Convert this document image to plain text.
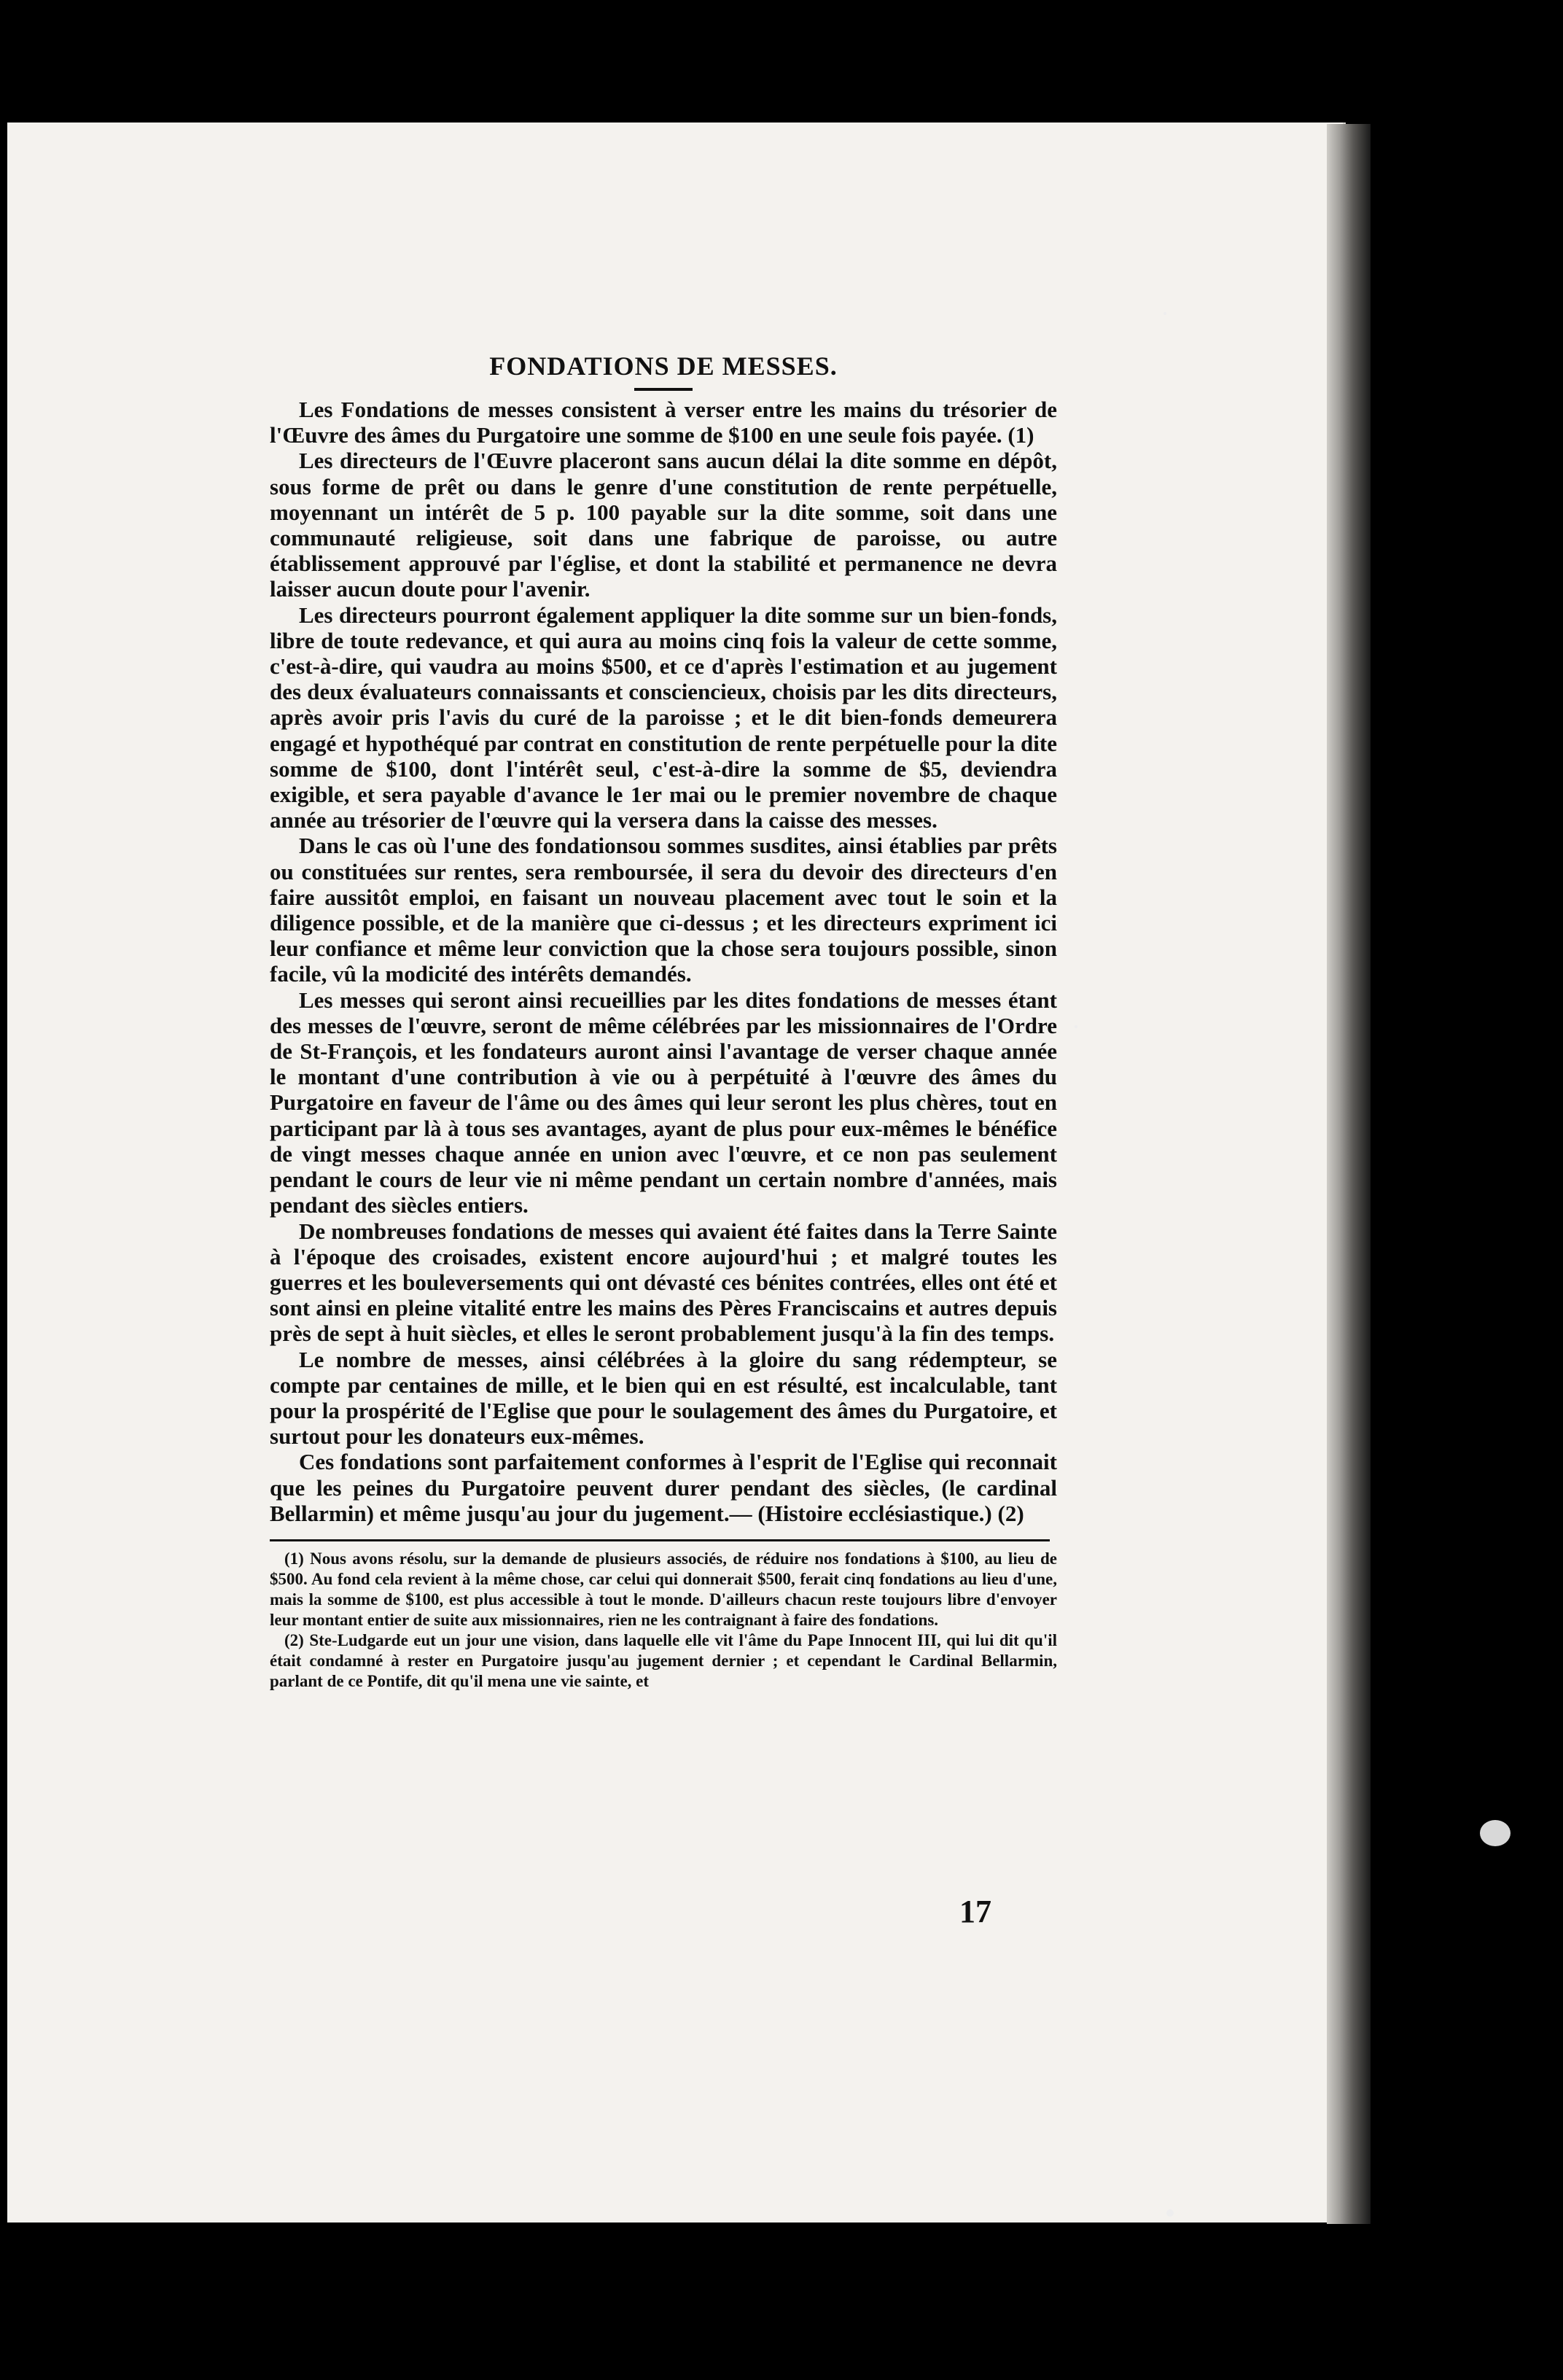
FONDATIONS DE MESSES.

Les Fondations de messes consistent à verser entre les mains du trésorier de l'Œuvre des âmes du Purgatoire une somme de $100 en une seule fois payée. (1)

Les directeurs de l'Œuvre placeront sans aucun délai la dite somme en dépôt, sous forme de prêt ou dans le genre d'une constitution de rente perpétuelle, moyennant un intérêt de 5 p. 100 payable sur la dite somme, soit dans une communauté religieuse, soit dans une fabrique de paroisse, ou autre établissement approuvé par l'église, et dont la stabilité et permanence ne devra laisser aucun doute pour l'avenir.

Les directeurs pourront également appliquer la dite somme sur un bien-fonds, libre de toute redevance, et qui aura au moins cinq fois la valeur de cette somme, c'est-à-dire, qui vaudra au moins $500, et ce d'après l'estimation et au jugement des deux évaluateurs connaissants et consciencieux, choisis par les dits directeurs, après avoir pris l'avis du curé de la paroisse ; et le dit bien-fonds demeurera engagé et hypothéqué par contrat en constitution de rente perpétuelle pour la dite somme de $100, dont l'intérêt seul, c'est-à-dire la somme de $5, deviendra exigible, et sera payable d'avance le 1er mai ou le premier novembre de chaque année au trésorier de l'œuvre qui la versera dans la caisse des messes.

Dans le cas où l'une des fondationsou sommes susdites, ainsi établies par prêts ou constituées sur rentes, sera remboursée, il sera du devoir des directeurs d'en faire aussitôt emploi, en faisant un nouveau placement avec tout le soin et la diligence possible, et de la manière que ci-dessus ; et les directeurs expriment ici leur confiance et même leur conviction que la chose sera toujours possible, sinon facile, vû la modicité des intérêts demandés.

Les messes qui seront ainsi recueillies par les dites fondations de messes étant des messes de l'œuvre, seront de même célébrées par les missionnaires de l'Ordre de St-François, et les fondateurs auront ainsi l'avantage de verser chaque année le montant d'une contribution à vie ou à perpétuité à l'œuvre des âmes du Purgatoire en faveur de l'âme ou des âmes qui leur seront les plus chères, tout en participant par là à tous ses avantages, ayant de plus pour eux-mêmes le bénéfice de vingt messes chaque année en union avec l'œuvre, et ce non pas seulement pendant le cours de leur vie ni même pendant un certain nombre d'années, mais pendant des siècles entiers.

De nombreuses fondations de messes qui avaient été faites dans la Terre Sainte à l'époque des croisades, existent encore aujourd'hui ; et malgré toutes les guerres et les bouleversements qui ont dévasté ces bénites contrées, elles ont été et sont ainsi en pleine vitalité entre les mains des Pères Franciscains et autres depuis près de sept à huit siècles, et elles le seront probablement jusqu'à la fin des temps.

Le nombre de messes, ainsi célébrées à la gloire du sang rédempteur, se compte par centaines de mille, et le bien qui en est résulté, est incalculable, tant pour la prospérité de l'Eglise que pour le soulagement des âmes du Purgatoire, et surtout pour les donateurs eux-mêmes.

Ces fondations sont parfaitement conformes à l'esprit de l'Eglise qui reconnait que les peines du Purgatoire peuvent durer pendant des siècles, (le cardinal Bellarmin) et même jusqu'au jour du jugement.— (Histoire ecclésiastique.) (2)

(1) Nous avons résolu, sur la demande de plusieurs associés, de réduire nos fondations à $100, au lieu de $500. Au fond cela revient à la même chose, car celui qui donnerait $500, ferait cinq fondations au lieu d'une, mais la somme de $100, est plus accessible à tout le monde. D'ailleurs chacun reste toujours libre d'envoyer leur montant entier de suite aux missionnaires, rien ne les contraignant à faire des fondations.

(2) Ste-Ludgarde eut un jour une vision, dans laquelle elle vit l'âme du Pape Innocent III, qui lui dit qu'il était condamné à rester en Purgatoire jusqu'au jugement dernier ; et cependant le Cardinal Bellarmin, parlant de ce Pontife, dit qu'il mena une vie sainte, et

17
